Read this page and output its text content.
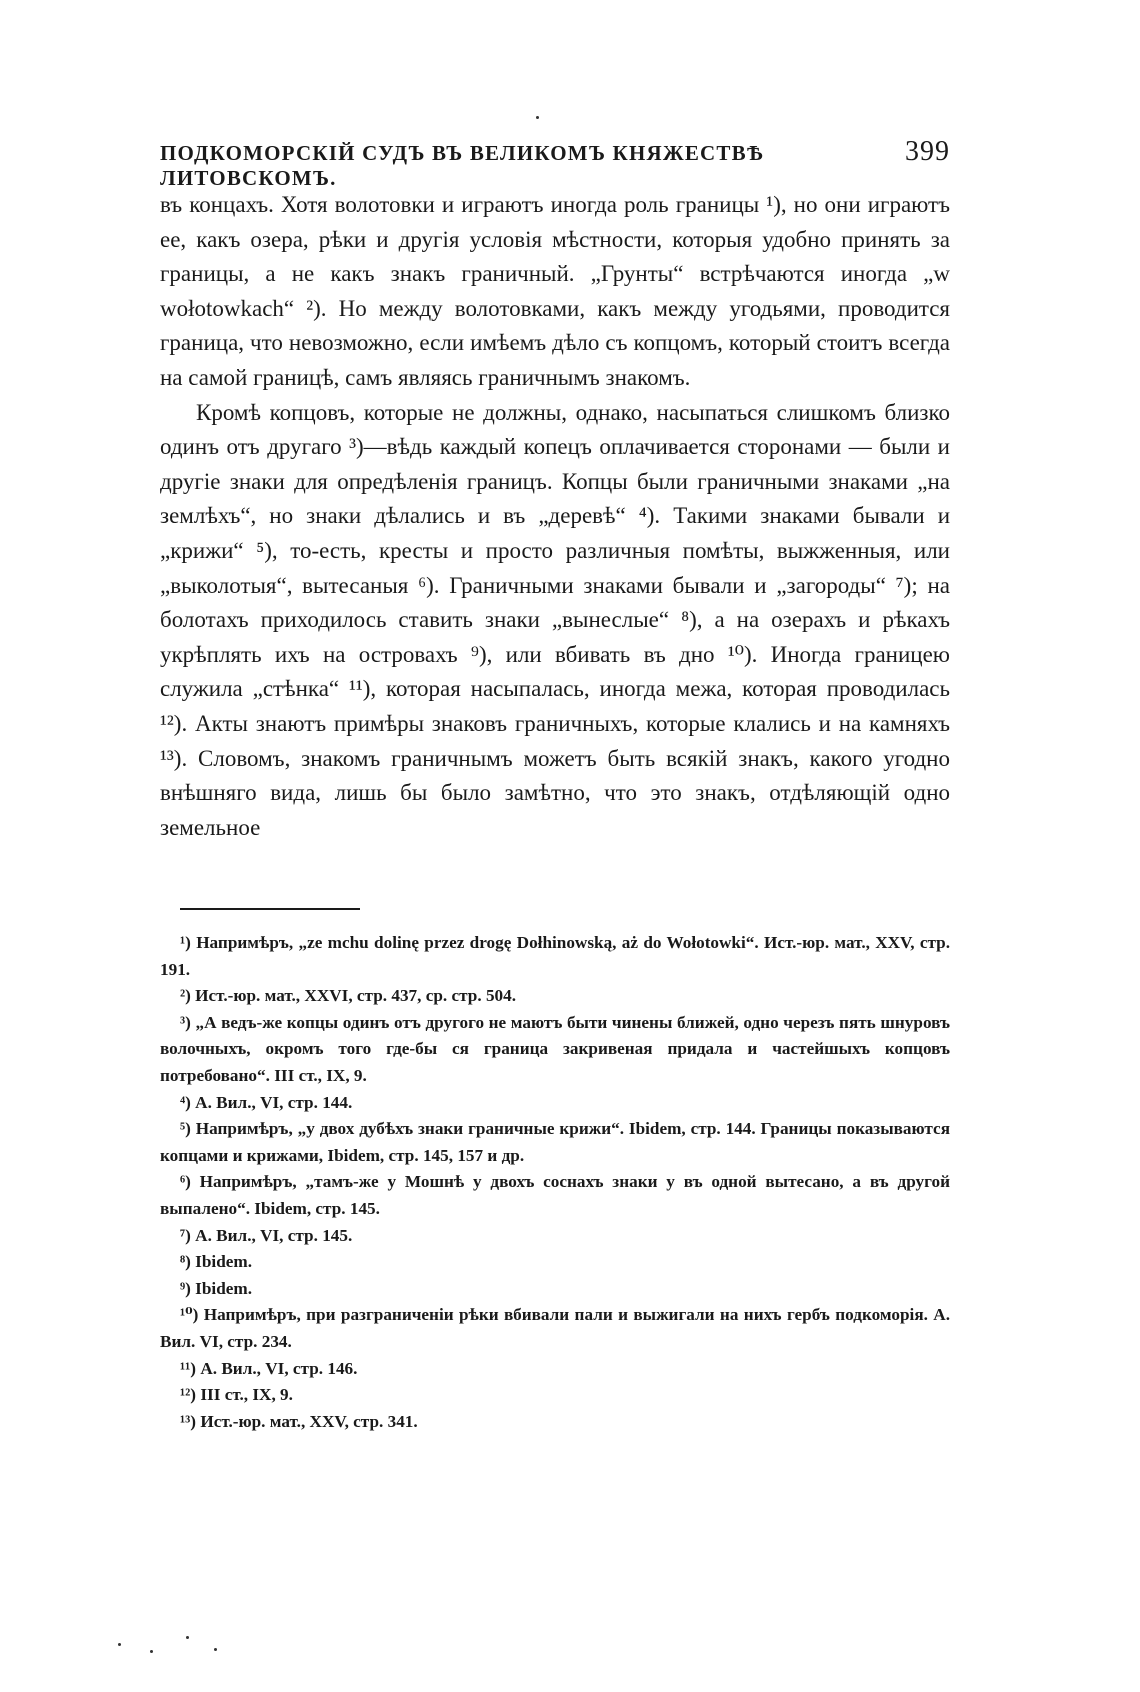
ПОДКОМОРСКІЙ СУДЪ ВЪ ВЕЛИКОМЪ КНЯЖЕСТВѢ ЛИТОВСКОМЪ.
399

въ концахъ. Хотя волотовки и играютъ иногда роль границы ¹), но они играютъ ее, какъ озера, рѣки и другія условія мѣстности, которыя удобно принять за границы, а не какъ знакъ граничный. „Грунты“ встрѣчаются иногда „w wołotowkach“ ²). Но между волотовками, какъ между угодьями, проводится граница, что невозможно, если имѣемъ дѣло съ копцомъ, который стоитъ всегда на самой границѣ, самъ являясь граничнымъ знакомъ.

Кромѣ копцовъ, которые не должны, однако, насыпаться слишкомъ близко одинъ отъ другаго ³)—вѣдь каждый копецъ оплачивается сторонами — были и другіе знаки для опредѣленія границъ. Копцы были граничными знаками „на землѣхъ“, но знаки дѣлались и въ „деревѣ“ ⁴). Такими знаками бывали и „крижи“ ⁵), то-есть, кресты и просто различныя помѣты, выжженныя, или „выколотыя“, вытесаныя ⁶). Граничными знаками бывали и „загороды“ ⁷); на болотахъ приходилось ставить знаки „вынеслые“ ⁸), а на озерахъ и рѣкахъ укрѣплять ихъ на островахъ ⁹), или вбивать въ дно ¹⁰). Иногда границею служила „стѣнка“ ¹¹), которая насыпалась, иногда межа, которая проводилась ¹²). Акты знаютъ примѣры знаковъ граничныхъ, которые клались и на камняхъ ¹³). Словомъ, знакомъ граничнымъ можетъ быть всякій знакъ, какого угодно внѣшняго вида, лишь бы было замѣтно, что это знакъ, отдѣляющій одно земельное

¹) Напримѣръ, „ze mchu dolinę przez drogę Dołhinowską, aż do Wołotowki“. Ист.-юр. мат., XXV, стр. 191.

²) Ист.-юр. мат., XXVI, стр. 437, ср. стр. 504.

³) „А ведъ-же копцы одинъ отъ другого не маютъ быти чинены ближей, одно черезъ пять шнуровъ волочныхъ, окромъ того где-бы ся граница закривеная придала и частейшыхъ копцовъ потребовано“. III ст., IX, 9.

⁴) А. Вил., VI, стр. 144.

⁵) Напримѣръ, „у двох дубѣхъ знаки граничные крижи“. Ibidem, стр. 144. Границы показываются копцами и крижами, Ibidem, стр. 145, 157 и др.

⁶) Напримѣръ, „тамъ-же у Мошнѣ у двохъ соснахъ знаки у въ одной вытесано, а въ другой выпалено“. Ibidem, стр. 145.

⁷) А. Вил., VI, стр. 145.

⁸) Ibidem.

⁹) Ibidem.

¹⁰) Напримѣръ, при разграниченіи рѣки вбивали пали и выжигали на нихъ гербъ подкоморія. А. Вил. VI, стр. 234.

¹¹) А. Вил., VI, стр. 146.

¹²) III ст., IX, 9.

¹³) Ист.-юр. мат., XXV, стр. 341.
